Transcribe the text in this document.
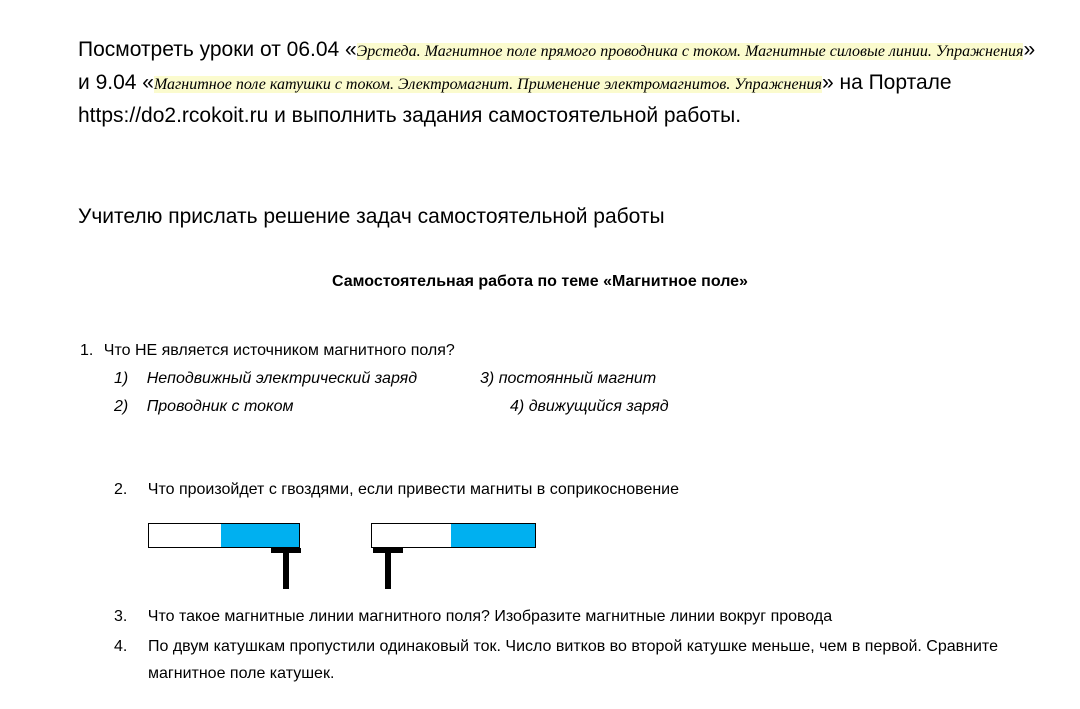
Посмотреть уроки от 06.04 «Эрстеда. Магнитное поле прямого проводника с током. Магнитные силовые линии. Упражнения» и 9.04 «Магнитное поле катушки с током. Электромагнит. Применение электромагнитов. Упражнения» на Портале https://do2.rcokoit.ru и выполнить задания самостоятельной работы.
Учителю прислать решение задач самостоятельной работы
Самостоятельная работа по теме «Магнитное поле»
1. Что НЕ является источником магнитного поля?
1) Неподвижный электрический заряд	3) постоянный магнит
2) Проводник с током	4) движущийся заряд
2. Что произойдет с гвоздями, если привести магниты в соприкосновение
3. Что такое магнитные линии магнитного поля? Изобразите магнитные линии вокруг провода
4. По двум катушкам пропустили одинаковый ток. Число витков во второй катушке меньше, чем в первой. Сравните магнитное поле катушек.
